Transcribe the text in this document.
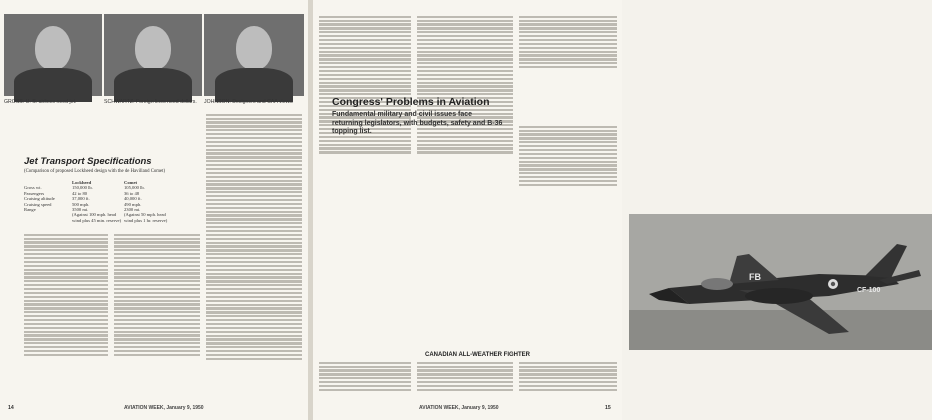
GROSS. U. S. airlines need jet.	SCHWARTZ. Foreign lines need dollars.	JOHNSON. Designers and CAA views.
Jet Transport Specifications
(Comparison of proposed Lockheed design with the de Havilland Comet)
Lockheed	Comet
Gross wt.	150,000 lb.	105,000 lb.
Passengers	42 to 80	36 to 48
Cruising altitude	37,000 ft.	40,000 ft.
Cruising speed	500 mph.	490 mph.
Range	3500 mi.	2300 mi.
(Against 100 mph. head wind plus 45 min. reserve)
(Against 50 mph. head wind plus 1 hr. reserve)
14	AVIATION WEEK, January 9, 1950
FB
CF-100
AVIATION WEEK, January 9, 1950	15
Congress' Problems in Aviation
Fundamental military and civil issues face returning legislators, with budgets, safety and B-36 topping list.
CANADIAN ALL-WEATHER FIGHTER
